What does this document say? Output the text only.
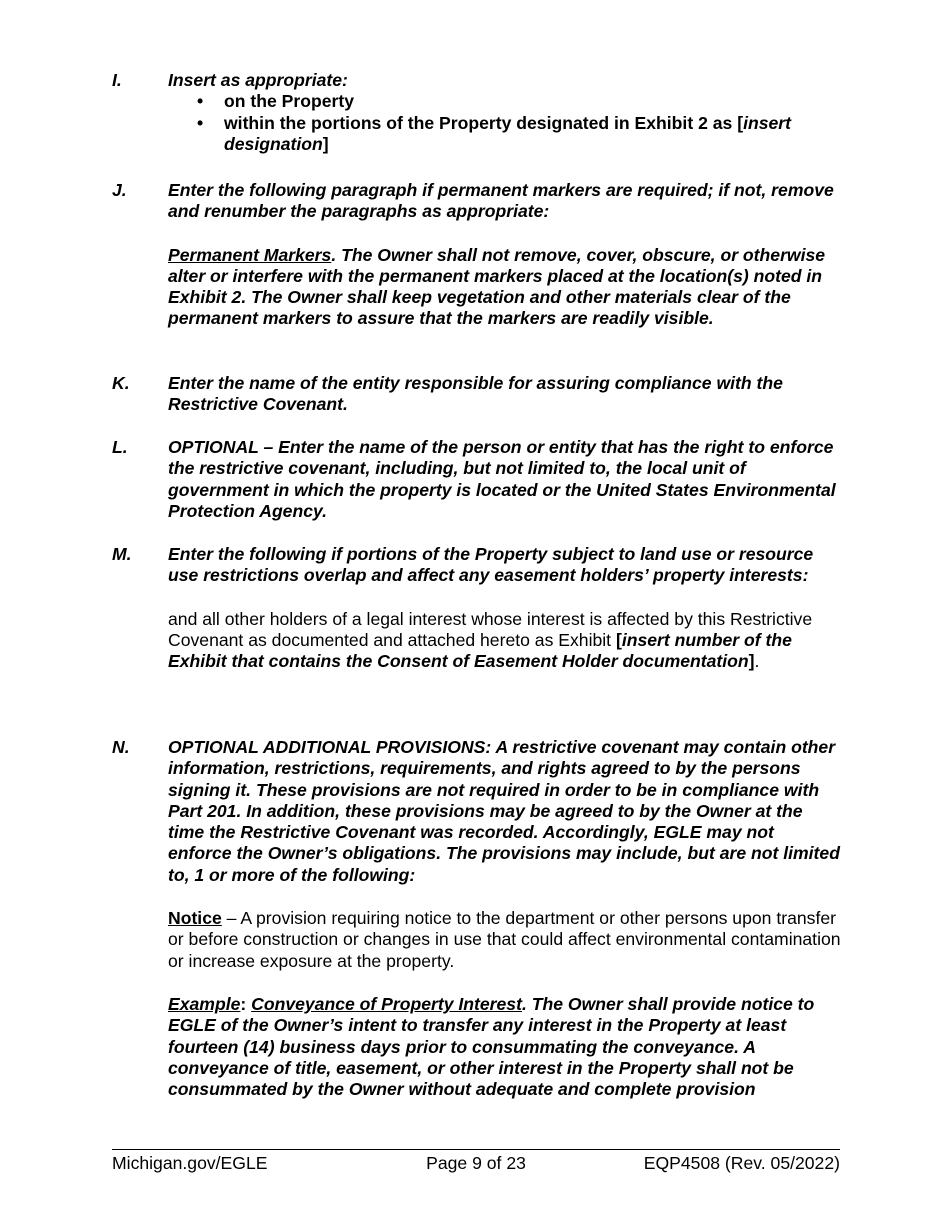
I.	Insert as appropriate:

• on the Property
• within the portions of the Property designated in Exhibit 2 as [insert designation]
J. Enter the following paragraph if permanent markers are required; if not, remove and renumber the paragraphs as appropriate:

Permanent Markers. The Owner shall not remove, cover, obscure, or otherwise alter or interfere with the permanent markers placed at the location(s) noted in Exhibit 2. The Owner shall keep vegetation and other materials clear of the permanent markers to assure that the markers are readily visible.

K. Enter the name of the entity responsible for assuring compliance with the Restrictive Covenant.

L. OPTIONAL – Enter the name of the person or entity that has the right to enforce the restrictive covenant, including, but not limited to, the local unit of government in which the property is located or the United States Environmental Protection Agency.

M. Enter the following if portions of the Property subject to land use or resource use restrictions overlap and affect any easement holders’ property interests:

and all other holders of a legal interest whose interest is affected by this Restrictive Covenant as documented and attached hereto as Exhibit [insert number of the Exhibit that contains the Consent of Easement Holder documentation].

N. OPTIONAL ADDITIONAL PROVISIONS: A restrictive covenant may contain other information, restrictions, requirements, and rights agreed to by the persons signing it. These provisions are not required in order to be in compliance with Part 201. In addition, these provisions may be agreed to by the Owner at the time the Restrictive Covenant was recorded. Accordingly, EGLE may not enforce the Owner’s obligations. The provisions may include, but are not limited to, 1 or more of the following:

Notice – A provision requiring notice to the department or other persons upon transfer or before construction or changes in use that could affect environmental contamination or increase exposure at the property.

Example: Conveyance of Property Interest. The Owner shall provide notice to EGLE of the Owner’s intent to transfer any interest in the Property at least fourteen (14) business days prior to consummating the conveyance. A conveyance of title, easement, or other interest in the Property shall not be consummated by the Owner without adequate and complete provision

Michigan.gov/EGLE	Page 9 of 23	EQP4508 (Rev. 05/2022)
